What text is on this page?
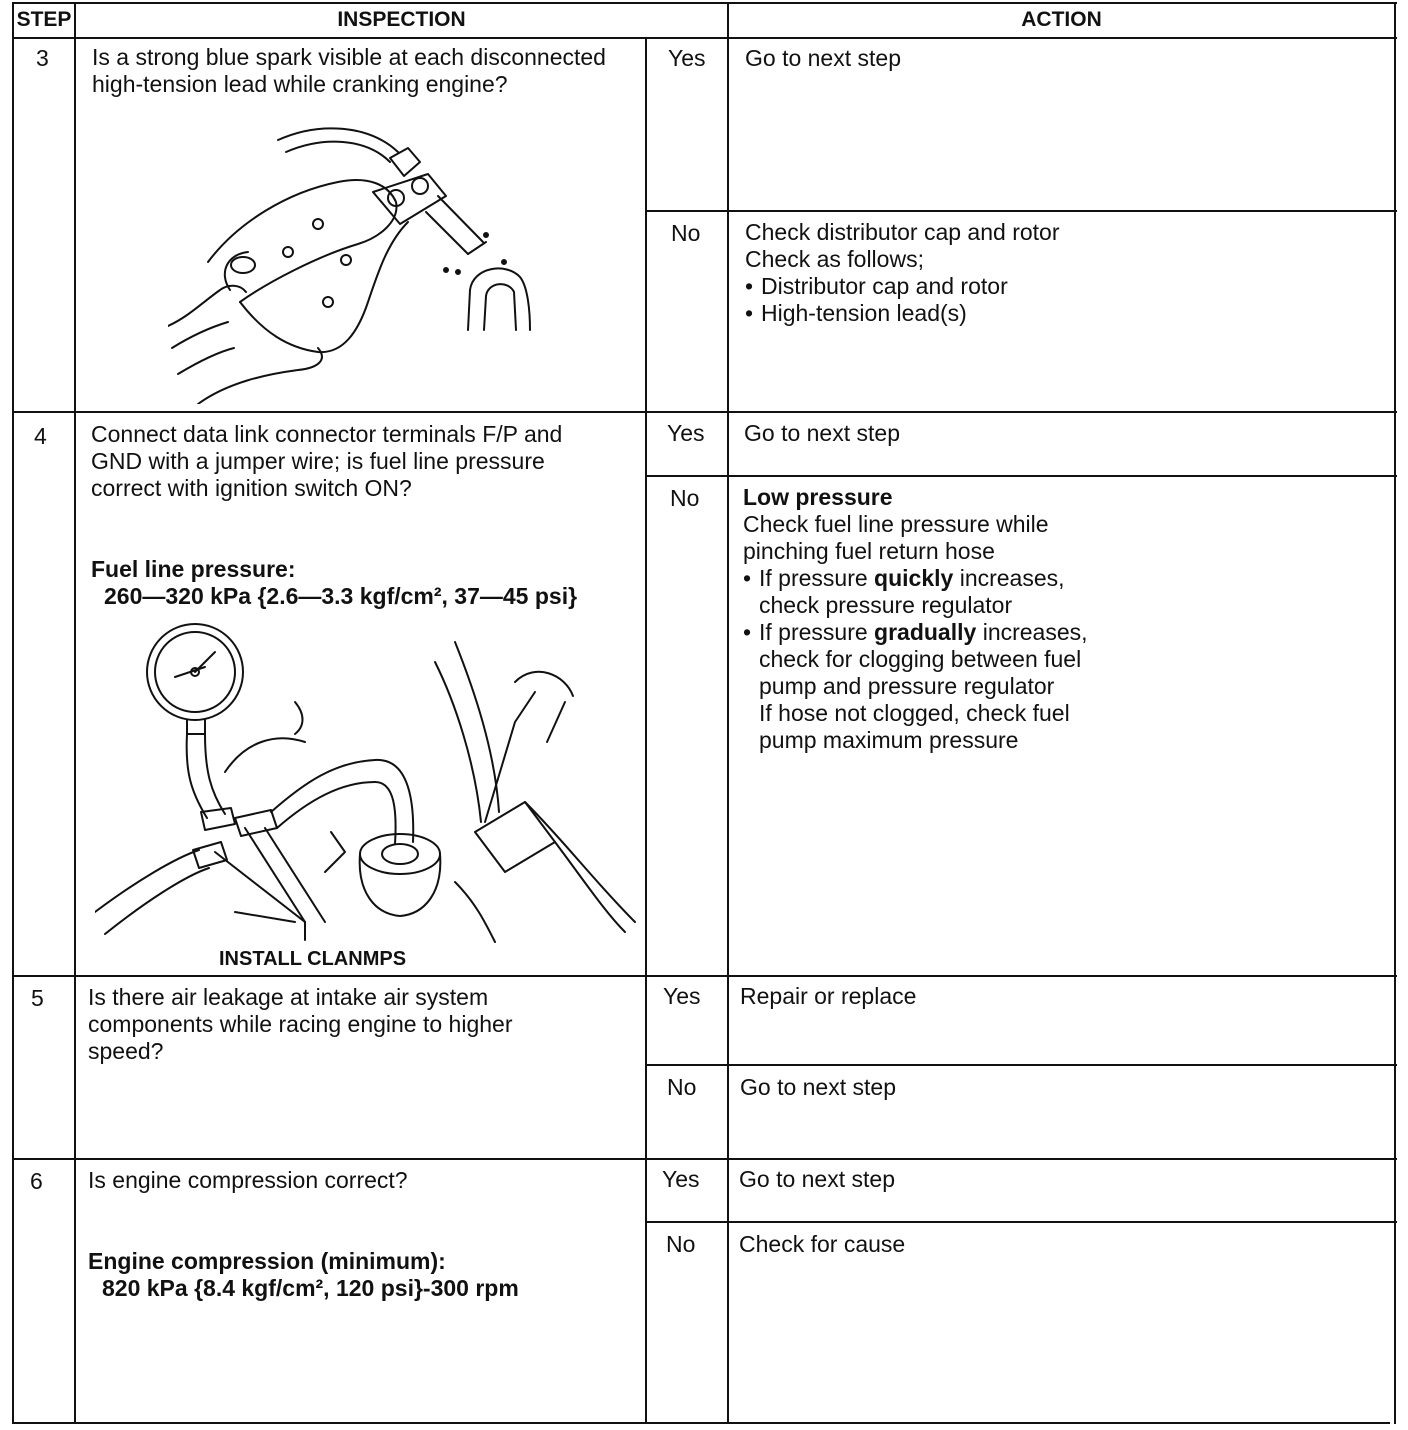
STEP	INSPECTION	ACTION
3 Is a strong blue spark visible at each disconnected
high-tension lead while cranking engine?
Yes Go to next step
No Check distributor cap and rotor
Check as follows;
• Distributor cap and rotor
• High-tension lead(s)
4 Connect data link connector terminals F/P and
GND with a jumper wire; is fuel line pressure
correct with ignition switch ON?
Fuel line pressure:
260—320 kPa {2.6—3.3 kgf/cm², 37—45 psi}
INSTALL CLANMPS
Yes Go to next step
No Low pressure
Check fuel line pressure while
pinching fuel return hose
• If pressure quickly increases,
check pressure regulator
• If pressure gradually increases,
check for clogging between fuel
pump and pressure regulator
If hose not clogged, check fuel
pump maximum pressure
5 Is there air leakage at intake air system
components while racing engine to higher
speed?
Yes Repair or replace
No Go to next step
6 Is engine compression correct?
Engine compression (minimum):
820 kPa {8.4 kgf/cm², 120 psi}-300 rpm
Yes Go to next step
No Check for cause
